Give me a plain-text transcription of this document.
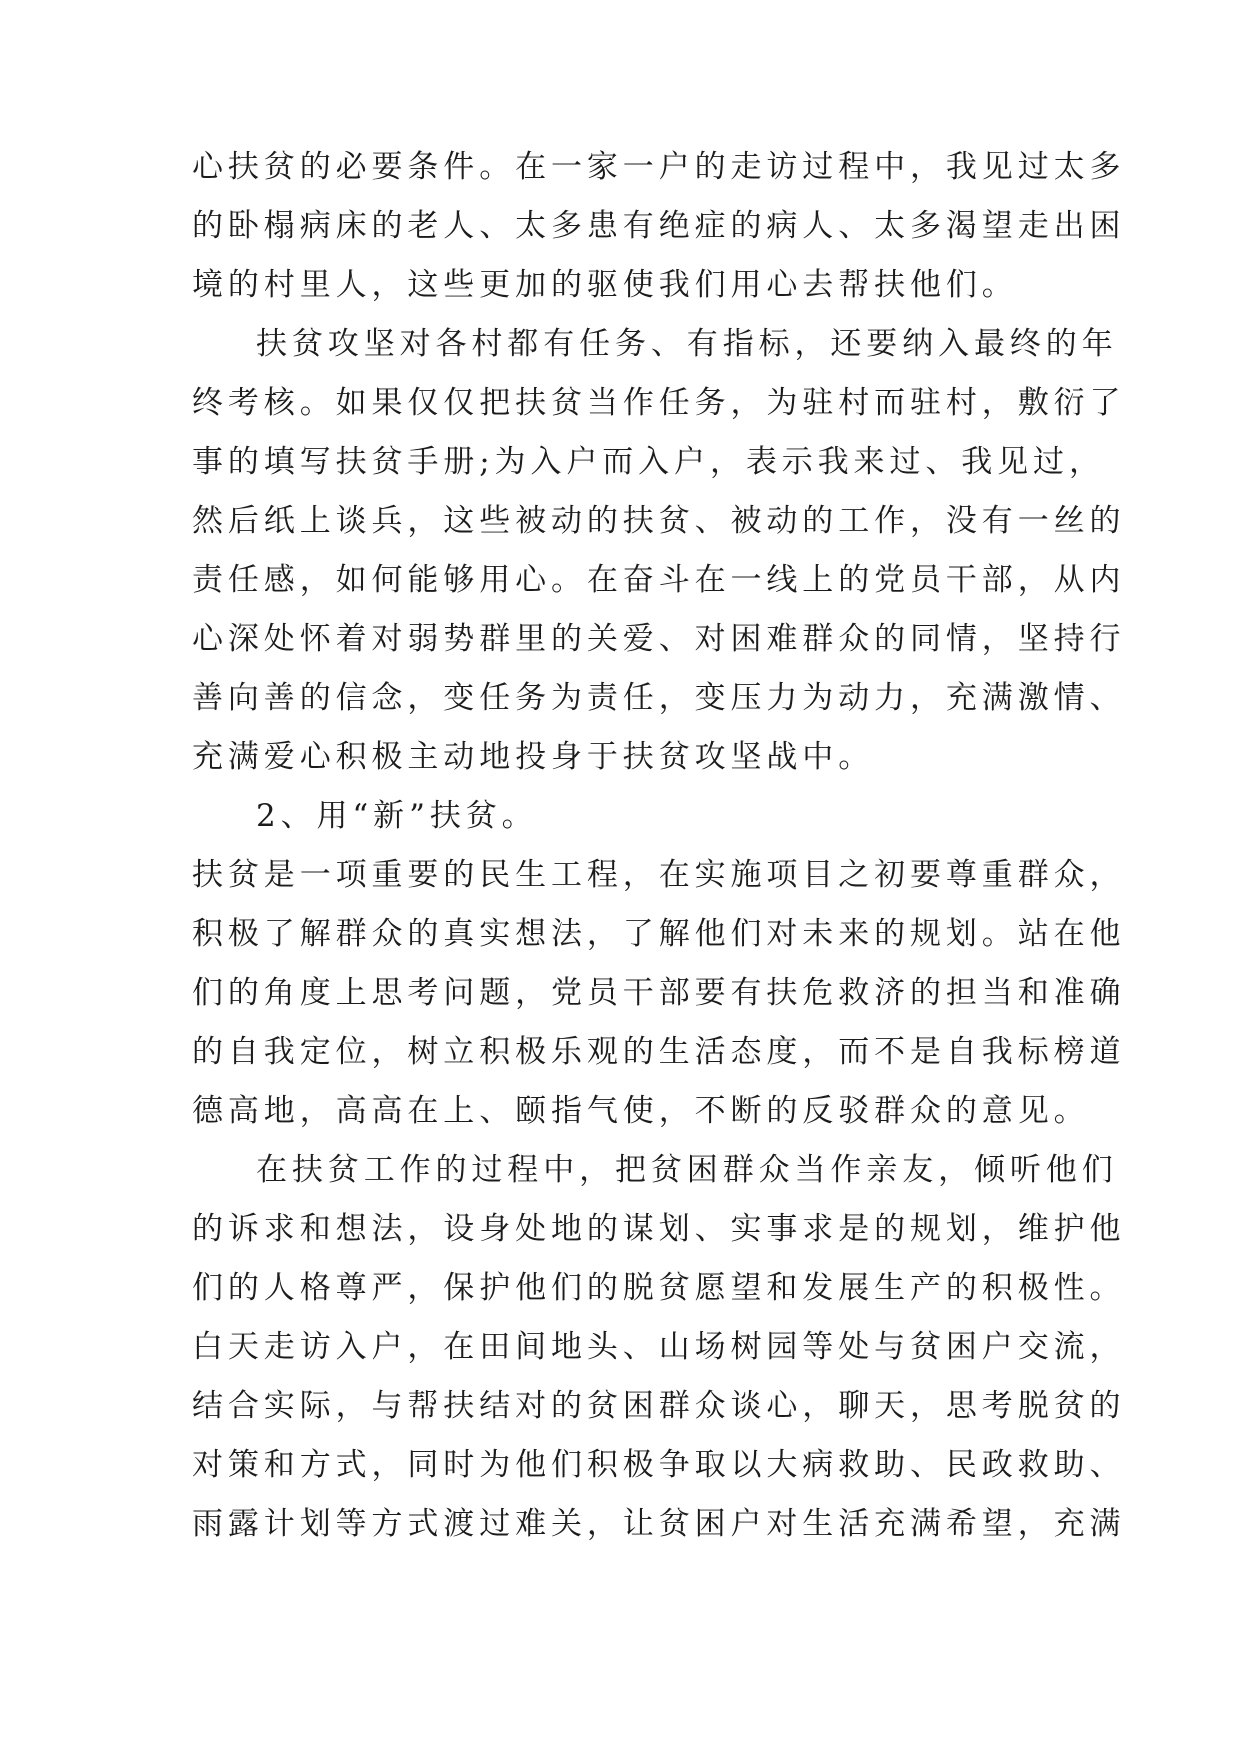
心扶贫的必要条件。在一家一户的走访过程中，我见过太多
的卧榻病床的老人、太多患有绝症的病人、太多渴望走出困
境的村里人，这些更加的驱使我们用心去帮扶他们。
扶贫攻坚对各村都有任务、有指标，还要纳入最终的年
终考核。如果仅仅把扶贫当作任务，为驻村而驻村，敷衍了
事的填写扶贫手册;为入户而入户，表示我来过、我见过，
然后纸上谈兵，这些被动的扶贫、被动的工作，没有一丝的
责任感，如何能够用心。在奋斗在一线上的党员干部，从内
心深处怀着对弱势群里的关爱、对困难群众的同情，坚持行
善向善的信念，变任务为责任，变压力为动力，充满激情、
充满爱心积极主动地投身于扶贫攻坚战中。
2、用“新”扶贫。
扶贫是一项重要的民生工程，在实施项目之初要尊重群众，
积极了解群众的真实想法，了解他们对未来的规划。站在他
们的角度上思考问题，党员干部要有扶危救济的担当和准确
的自我定位，树立积极乐观的生活态度，而不是自我标榜道
德高地，高高在上、颐指气使，不断的反驳群众的意见。
在扶贫工作的过程中，把贫困群众当作亲友，倾听他们
的诉求和想法，设身处地的谋划、实事求是的规划，维护他
们的人格尊严，保护他们的脱贫愿望和发展生产的积极性。
白天走访入户，在田间地头、山场树园等处与贫困户交流，
结合实际，与帮扶结对的贫困群众谈心，聊天，思考脱贫的
对策和方式，同时为他们积极争取以大病救助、民政救助、
雨露计划等方式渡过难关，让贫困户对生活充满希望，充满
